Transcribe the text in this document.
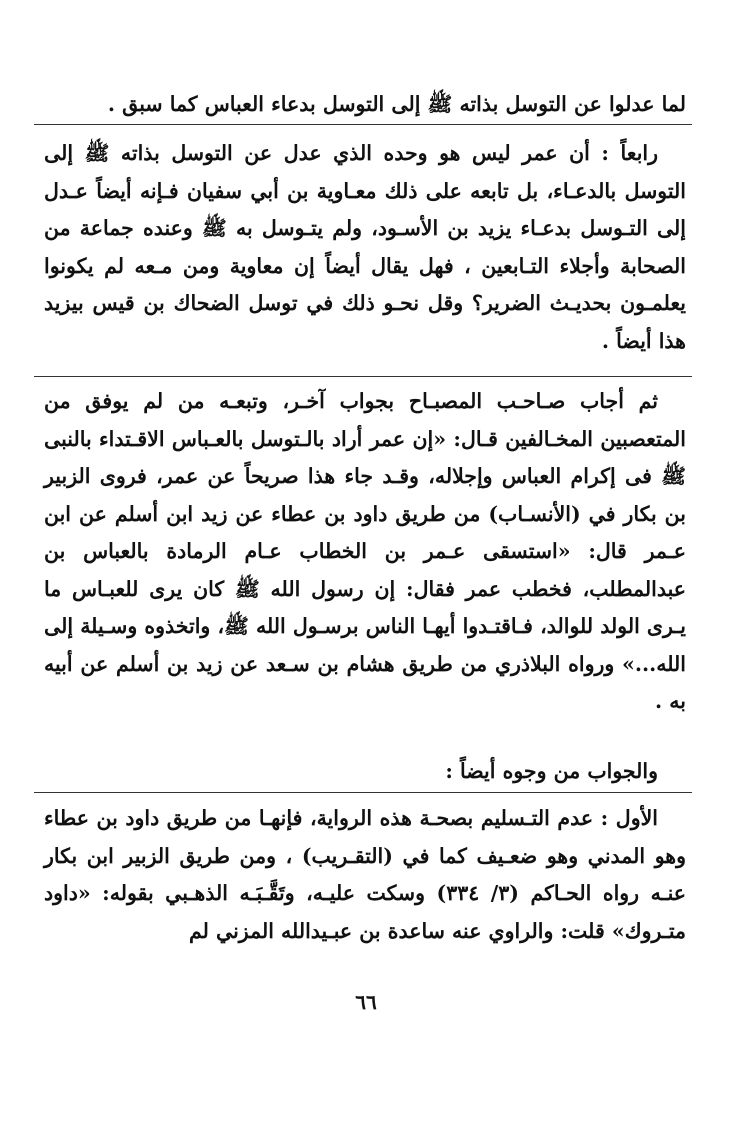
لما عدلوا عن التوسل بذاته ﷺ إلى التوسل بدعاء العباس كما سبق .
رابعاً : أن عمر ليس هو وحده الذي عدل عن التوسل بذاته ﷺ إلى التوسل بالدعـاء، بل تابعه على ذلك معـاوية بن أبي سفيان فـإنه أيضاً عـدل إلى التـوسل بدعـاء يزيد بن الأسـود، ولم يتـوسل به ﷺ وعنده جماعة من الصحابة وأجلاء التـابعين ، فهل يقال أيضاً إن معاوية ومن مـعه لم يكونوا يعلمـون بحديـث الضرير؟ وقل نحـو ذلك في توسل الضحاك بن قيس بيزيد هذا أيضاً .
ثم أجاب صـاحـب المصبـاح بجواب آخـر، وتبعـه من لم يوفق من المتعصبين المخـالفين قـال: «إن عمر أراد بالـتوسل بالعـباس الاقـتداء بالنبى ﷺ فى إكرام العباس وإجلاله، وقـد جاء هذا صريحاً عن عمر، فروى الزبير بن بكار في (الأنسـاب) من طريق داود بن عطاء عن زيد ابن أسلم عن ابن عـمر قال: «استسقى عـمر بن الخطاب عـام الرمادة بالعباس بن عبدالمطلب، فخطب عمر فقال: إن رسول الله ﷺ كان يرى للعبـاس ما يـرى الولد للوالد، فـاقتـدوا أيهـا الناس برسـول الله ﷺ، واتخذوه وسـيلة إلى الله...» ورواه البلاذري من طريق هشام بن سـعد عن زيد بن أسلم عن أبيه به .
والجواب من وجوه أيضاً :
الأول : عدم التـسليم بصحـة هذه الرواية، فإنهـا من طريق داود بن عطاء وهو المدني وهو ضعـيف كما في (التقـريب) ، ومن طريق الزبير ابن بكار عنـه رواه الحـاكم (٣/ ٣٣٤) وسكت عليـه، وتَقَّـبَـه الذهـبي بقوله: «داود متـروك» قلت: والراوي عنه ساعدة بن عبـيدالله المزني لم
٦٦
